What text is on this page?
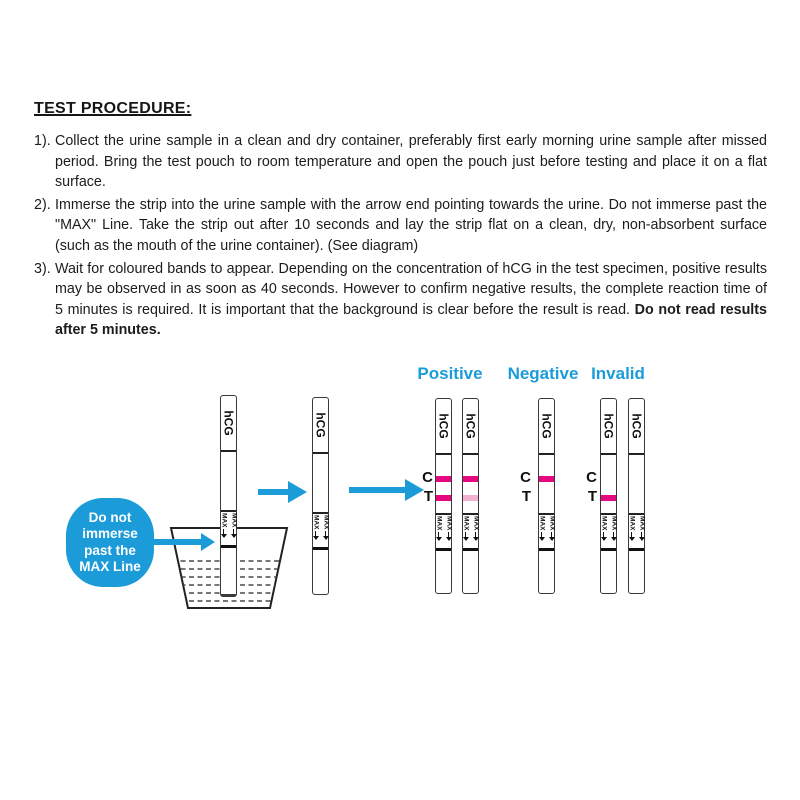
TEST PROCEDURE:
1). Collect the urine sample in a clean and dry container, preferably first early morning urine sample after missed period. Bring the test pouch to room temperature and open the pouch just before testing and place it on a flat surface.
2). Immerse the strip into the urine sample with the arrow end pointing towards the urine. Do not immerse past the "MAX" Line. Take the strip out after 10 seconds and lay the strip flat on a clean, dry, non-absorbent surface (such as the mouth of the urine container). (See diagram)
3). Wait for coloured bands to appear. Depending on the concentration of hCG in the test specimen, positive results may be observed in as soon as 40 seconds. However to confirm negative results, the complete reaction time of 5 minutes is required. It is important that the background is clear before the result is read. Do not read results after 5 minutes.
Positive Negative Invalid
Do not
immerse
past the
MAX Line
hCG
MAX MAX
hCG
MAX MAX
C
T
hCG
MAX MAX
hCG
MAX MAX
C
T
hCG
MAX MAX
C
T
hCG
MAX MAX
hCG
MAX MAX
